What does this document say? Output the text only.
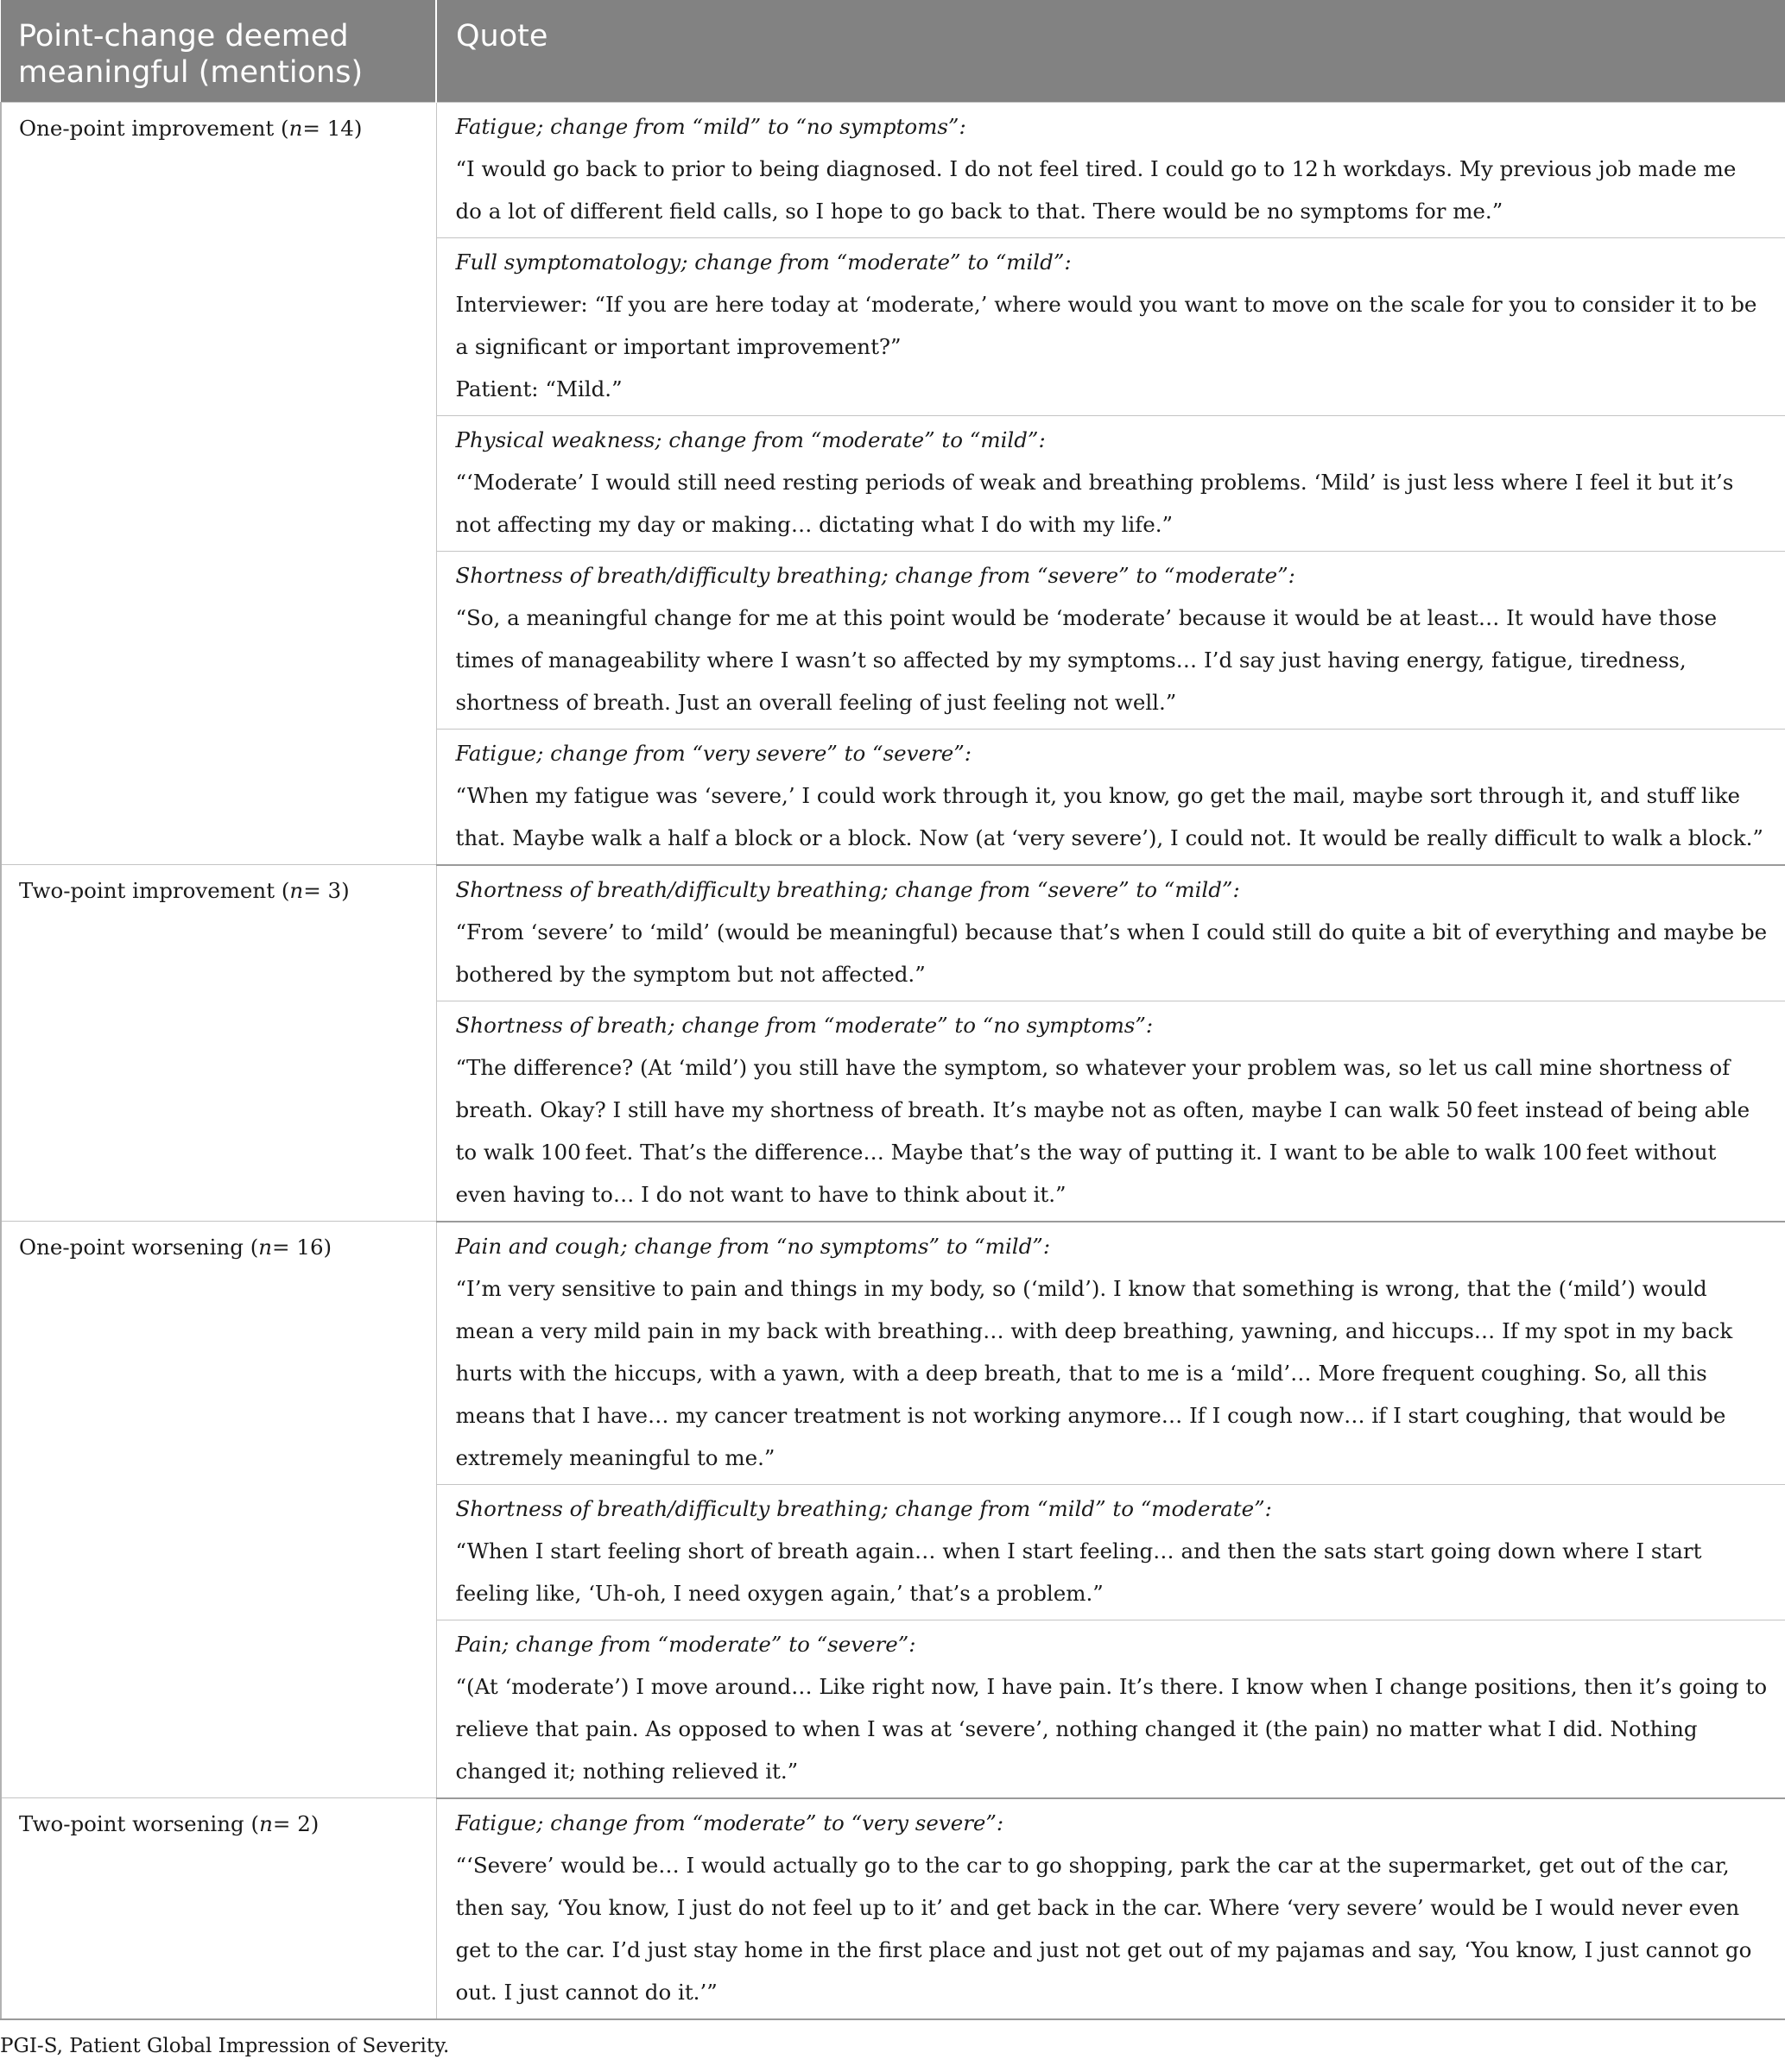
Point-change deemed meaningful (mentions)	Quote
One-point improvement (n= 14)	Fatigue; change from “mild” to “no symptoms”:
“I would go back to prior to being diagnosed. I do not feel tired. I could go to 12 h workdays. My previous job made me do a lot of different field calls, so I hope to go back to that. There would be no symptoms for me.”

	Full symptomatology; change from “moderate” to “mild”:
Interviewer: “If you are here today at ‘moderate,’ where would you want to move on the scale for you to consider it to be a significant or important improvement?”
Patient: “Mild.”

	Physical weakness; change from “moderate” to “mild”:
“‘Moderate’ I would still need resting periods of weak and breathing problems. ‘Mild’ is just less where I feel it but it’s not affecting my day or making… dictating what I do with my life.”

	Shortness of breath/difficulty breathing; change from “severe” to “moderate”:
“So, a meaningful change for me at this point would be ‘moderate’ because it would be at least… It would have those times of manageability where I wasn’t so affected by my symptoms… I’d say just having energy, fatigue, tiredness, shortness of breath. Just an overall feeling of just feeling not well.”

	Fatigue; change from “very severe” to “severe”:
“When my fatigue was ‘severe,’ I could work through it, you know, go get the mail, maybe sort through it, and stuff like that. Maybe walk a half a block or a block. Now (at ‘very severe’), I could not. It would be really difficult to walk a block.”

Two-point improvement (n= 3)	Shortness of breath/difficulty breathing; change from “severe” to “mild”:
“From ‘severe’ to ‘mild’ (would be meaningful) because that’s when I could still do quite a bit of everything and maybe be bothered by the symptom but not affected.”

	Shortness of breath; change from “moderate” to “no symptoms”:
“The difference? (At ‘mild’) you still have the symptom, so whatever your problem was, so let us call mine shortness of breath. Okay? I still have my shortness of breath. It’s maybe not as often, maybe I can walk 50 feet instead of being able to walk 100 feet. That’s the difference… Maybe that’s the way of putting it. I want to be able to walk 100 feet without even having to… I do not want to have to think about it.”

One-point worsening (n= 16)	Pain and cough; change from “no symptoms” to “mild”:
“I’m very sensitive to pain and things in my body, so (‘mild’). I know that something is wrong, that the (‘mild’) would mean a very mild pain in my back with breathing… with deep breathing, yawning, and hiccups… If my spot in my back hurts with the hiccups, with a yawn, with a deep breath, that to me is a ‘mild’… More frequent coughing. So, all this means that I have… my cancer treatment is not working anymore… If I cough now… if I start coughing, that would be extremely meaningful to me.”

	Shortness of breath/difficulty breathing; change from “mild” to “moderate”:
“When I start feeling short of breath again… when I start feeling… and then the sats start going down where I start feeling like, ‘Uh-oh, I need oxygen again,’ that’s a problem.”

	Pain; change from “moderate” to “severe”:
“(At ‘moderate’) I move around… Like right now, I have pain. It’s there. I know when I change positions, then it’s going to relieve that pain. As opposed to when I was at ‘severe’, nothing changed it (the pain) no matter what I did. Nothing changed it; nothing relieved it.”

Two-point worsening (n= 2)	Fatigue; change from “moderate” to “very severe”:
“‘Severe’ would be… I would actually go to the car to go shopping, park the car at the supermarket, get out of the car, then say, ‘You know, I just do not feel up to it’ and get back in the car. Where ‘very severe’ would be I would never even get to the car. I’d just stay home in the first place and just not get out of my pajamas and say, ‘You know, I just cannot go out. I just cannot do it.’”
PGI-S, Patient Global Impression of Severity.
